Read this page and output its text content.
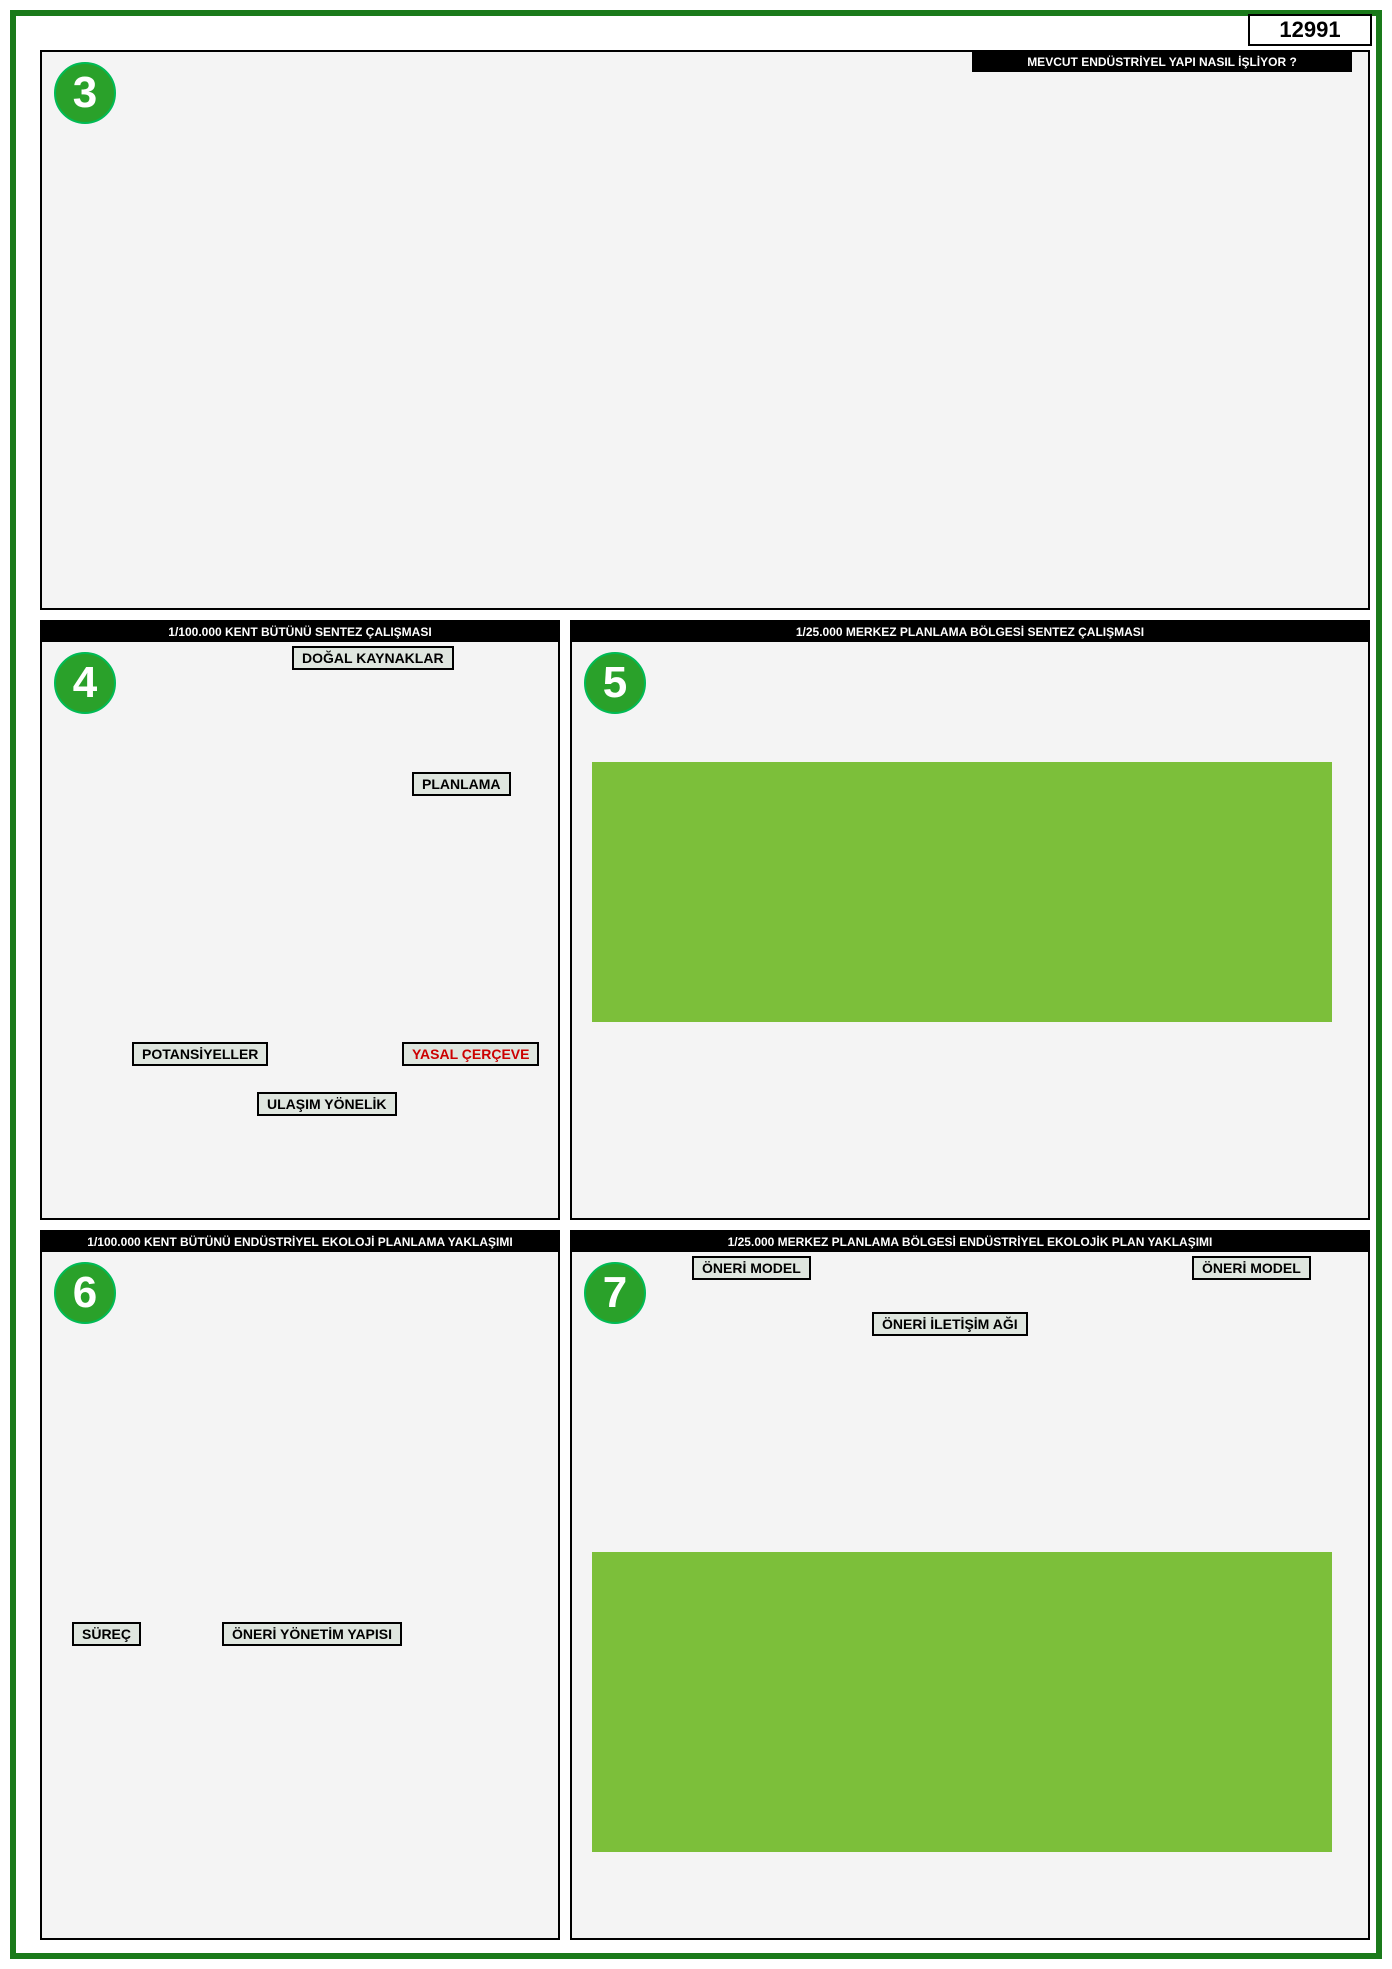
12991
3
MEVCUT ENDÜSTRİYEL YAPI NASIL İŞLİYOR ?
1/100.000 KENT BÜTÜNÜ SENTEZ ÇALIŞMASI
4	DOĞAL KAYNAKLAR
PLANLAMA
POTANSİYELLER	YASAL ÇERÇEVE
ULAŞIM YÖNELİK
1/25.000 MERKEZ PLANLAMA BÖLGESİ SENTEZ ÇALIŞMASI
5
1/100.000 KENT BÜTÜNÜ ENDÜSTRİYEL EKOLOJİ PLANLAMA YAKLAŞIMI
6
SÜREÇ	ÖNERİ YÖNETİM YAPISI
1/25.000 MERKEZ PLANLAMA BÖLGESİ ENDÜSTRİYEL EKOLOJİK PLAN YAKLAŞIMI
7	ÖNERİ MODEL
ÖNERİ İLETİŞİM AĞI
ÖNERİ MODEL
